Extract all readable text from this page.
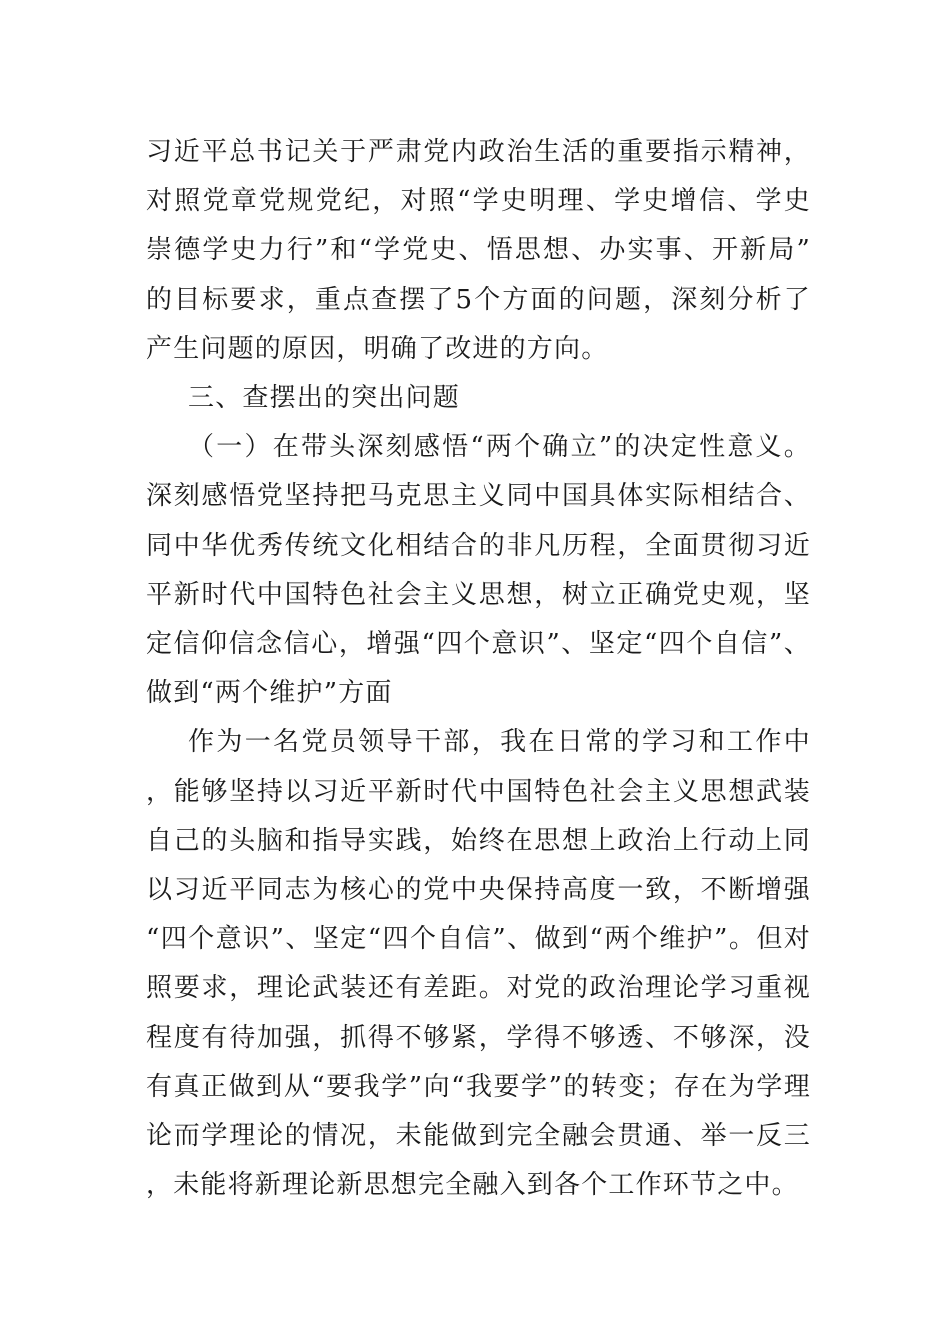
习近平总书记关于严肃党内政治生活的重要指示精神，对照党章党规党纪，对照“学史明理、学史增信、学史崇德学史力行”和“学党史、悟思想、办实事、开新局”的目标要求，重点查摆了5个方面的问题，深刻分析了产生问题的原因，明确了改进的方向。

三、查摆出的突出问题

（一）在带头深刻感悟“两个确立”的决定性意义。深刻感悟党坚持把马克思主义同中国具体实际相结合、同中华优秀传统文化相结合的非凡历程，全面贯彻习近平新时代中国特色社会主义思想，树立正确党史观，坚定信仰信念信心，增强“四个意识”、坚定“四个自信”、做到“两个维护”方面

作为一名党员领导干部，我在日常的学习和工作中，能够坚持以习近平新时代中国特色社会主义思想武装自己的头脑和指导实践，始终在思想上政治上行动上同以习近平同志为核心的党中央保持高度一致，不断增强“四个意识”、坚定“四个自信”、做到“两个维护”。但对照要求，理论武装还有差距。对党的政治理论学习重视程度有待加强，抓得不够紧，学得不够透、不够深，没有真正做到从“要我学”向“我要学”的转变；存在为学理论而学理论的情况，未能做到完全融会贯通、举一反三，未能将新理论新思想完全融入到各个工作环节之中。
